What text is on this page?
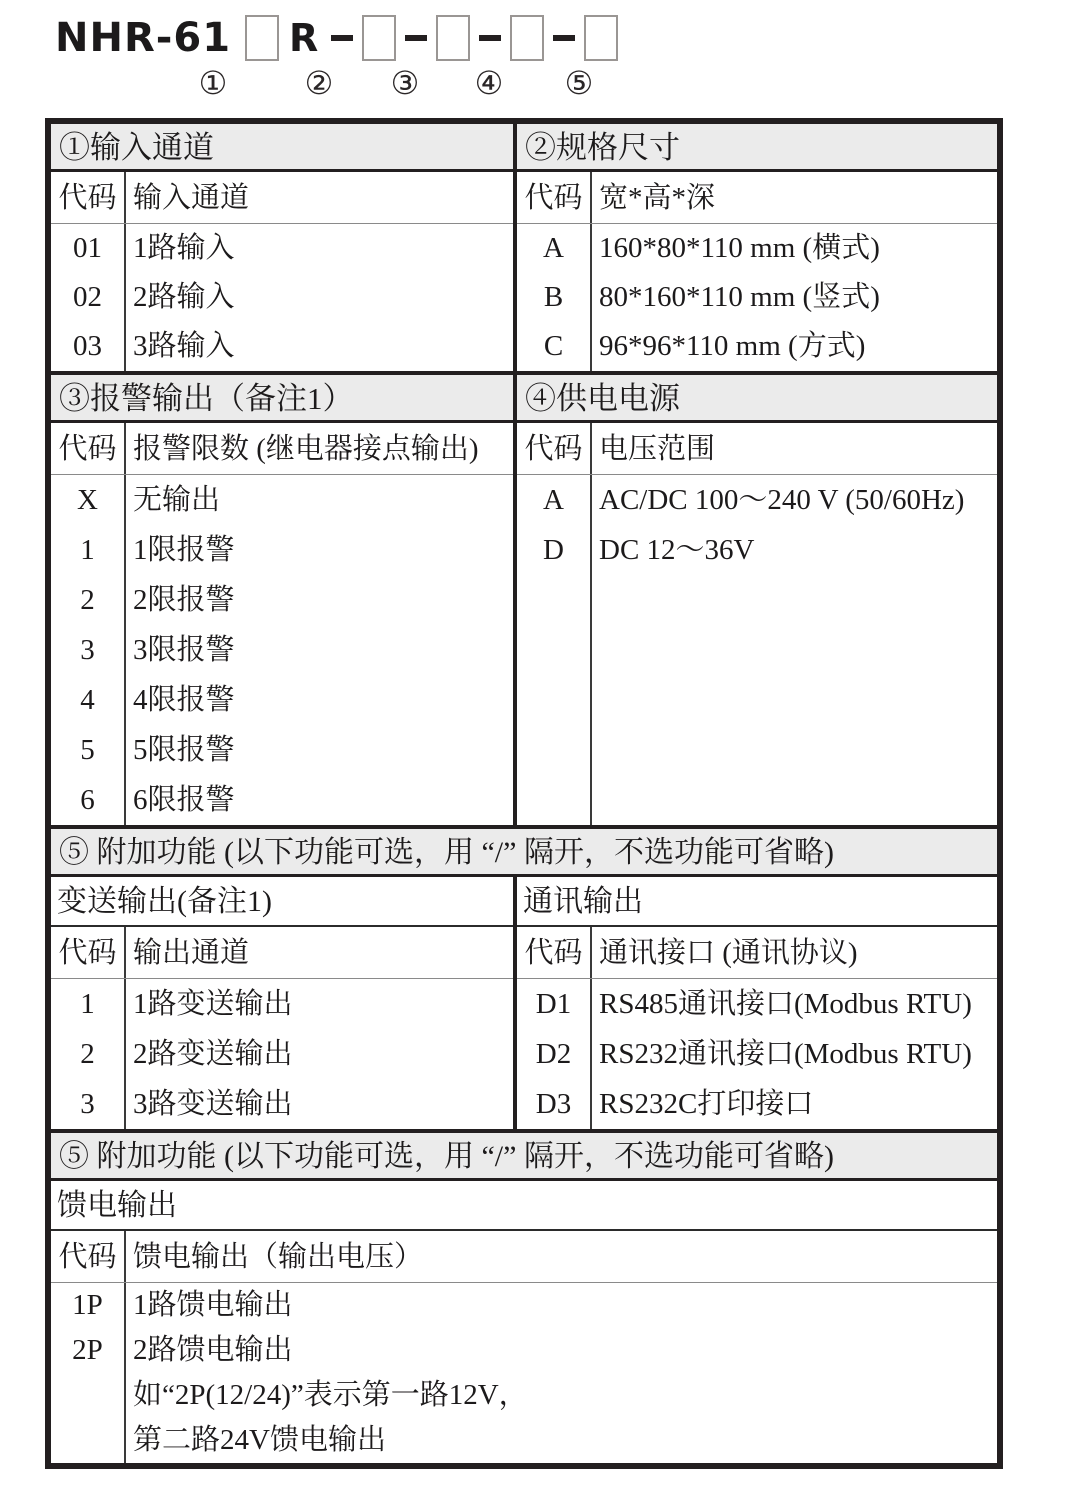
NHR-61 R
① ② ③ ④ ⑤
①输入通道
代码 输入通道
01
02
03
1路输入
2路输入
3路输入
②规格尺寸
代码 宽*高*深
A
B
C
160*80*110 mm (横式)
80*160*110 mm (竖式)
96*96*110 mm (方式)
③报警输出（备注1）
代码 报警限数 (继电器接点输出)
X
1
2
3
4
5
6
无输出
1限报警
2限报警
3限报警
4限报警
5限报警
6限报警
④供电电源
代码 电压范围
A
D
AC/DC 100～240 V (50/60Hz)
DC 12～36V
⑤ 附加功能 (以下功能可选，用 “/” 隔开，不选功能可省略)
变送输出(备注1)
代码 输出通道
1
2
3
1路变送输出
2路变送输出
3路变送输出
通讯输出
代码 通讯接口 (通讯协议)
D1
D2
D3
RS485通讯接口(Modbus RTU)
RS232通讯接口(Modbus RTU)
RS232C打印接口
⑤ 附加功能 (以下功能可选，用 “/” 隔开，不选功能可省略)
馈电输出
代码 馈电输出（输出电压）
1P
2P
1路馈电输出
2路馈电输出
如“2P(12/24)”表示第一路12V，
第二路24V馈电输出
